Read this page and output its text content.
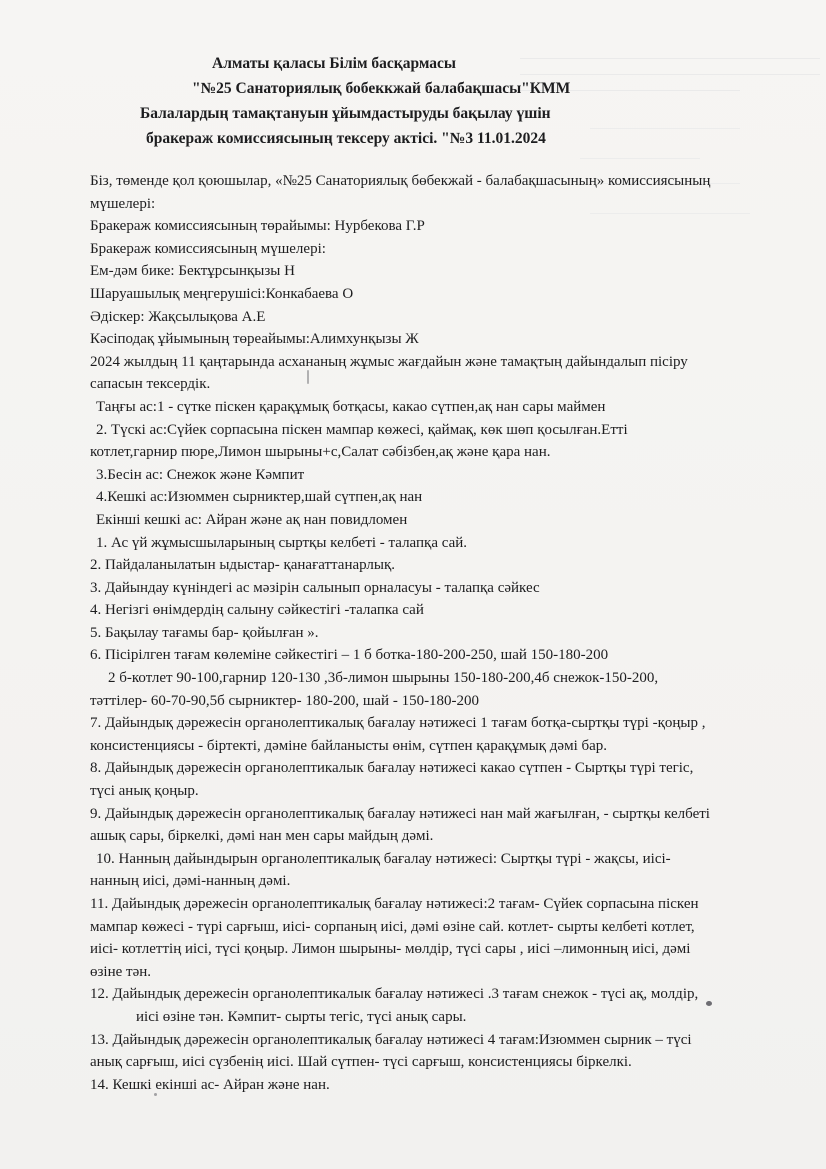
Алматы қаласы Білім басқармасы
"№25 Санаториялық бобеккжай балабақшасы"КММ
Балалардың тамақтануын ұйымдастыруды бақылау үшін
бракераж комиссиясының тексеру актісі. "№3 11.01.2024
Біз, төменде қол қоюшылар, «№25 Санаториялық бөбекжай - балабақшасының» комиссиясының
мүшелері:
Бракераж комиссиясының төрайымы: Нурбекова Г.Р
Бракераж комиссиясының мүшелері:
Ем-дәм бике: Бектұрсынқызы Н
Шаруашылық меңгерушісі:Конкабаева О
Әдіскер: Жақсылықова А.Е
Кәсіподақ ұйымының төреайымы:Алимхунқызы Ж
2024 жылдың 11 қаңтарында асхананың жұмыс жағдайын және тамақтың дайындалып пісіру
сапасын тексердік.
Таңғы ас:1 - сүтке піскен қарақұмық ботқасы, какао сүтпен,ақ нан сары маймен
2. Түскі ас:Сүйек сорпасына піскен мампар көжесі, қаймақ, көк шөп қосылған.Етті
котлет,гарнир пюре,Лимон шырыны+с,Салат сәбізбен,ақ және қара нан.
3.Бесін ас: Снежок және Кәмпит
4.Кешкі ас:Изюммен сырниктер,шай сүтпен,ақ нан
Екінші кешкі ас: Айран және ақ нан повидломен
1. Ас үй жұмысшыларының сыртқы келбеті - талапқа сай.
2. Пайдаланылатын ыдыстар- қанағаттанарлық.
3. Дайындау күніндегі ас мәзірін салынып орналасуы - талапқа сәйкес
4. Негізгі өнімдердің салыну сәйкестігі -талапка сай
5. Бақылау тағамы бар- қойылған ».
6. Пісірілген тағам көлеміне сәйкестігі – 1 б ботка-180-200-250, шай 150-180-200
2 б-котлет 90-100,гарнир 120-130 ,3б-лимон шырыны 150-180-200,4б снежок-150-200,
тәттілер- 60-70-90,5б сырниктер- 180-200, шай - 150-180-200
7. Дайындық дәрежесін органолептикалық бағалау нәтижесі 1 тағам ботқа-сыртқы түрі -қоңыр ,
консистенциясы - біртекті, дәміне байланысты өнім, сүтпен қарақұмық дәмі бар.
8. Дайындық дәрежесін органолептикалык бағалау нәтижесі какао сүтпен - Сыртқы түрі тегіс,
түсі анық қоңыр.
9. Дайындық дәрежесін органолептикалық бағалау нәтижесі нан май жағылған, - сыртқы келбеті
ашық сары, біркелкі, дәмі нан мен сары майдың дәмі.
10. Нанның дайындырын органолептикалық бағалау нәтижесі: Сыртқы түрі - жақсы, иісі-
нанның иісі, дәмі-нанның дәмі.
11. Дайындық дәрежесін органолептикалық бағалау нәтижесі:2 тағам- Сүйек сорпасына піскен
мампар көжесі - түрі сарғыш, иісі- сорпаның иісі, дәмі өзіне сай. котлет- сырты келбеті котлет,
иісі- котлеттің иісі, түсі қоңыр. Лимон шырыны- мөлдір, түсі сары , иісі –лимонның иісі, дәмі
өзіне тән.
12. Дайындық дережесін органолептикалык бағалау нәтижесі .3 тағам снежок - түсі ақ, молдір,
иісі өзіне тән. Кәмпит- сырты тегіс, түсі анық сары.
13. Дайындық дәрежесін органолептикалық бағалау нәтижесі 4 тағам:Изюммен сырник – түсі
анық сарғыш, иісі сүзбенің иісі. Шай сүтпен- түсі сарғыш, консистенциясы біркелкі.
14. Кешкі екінші ас- Айран және нан.
